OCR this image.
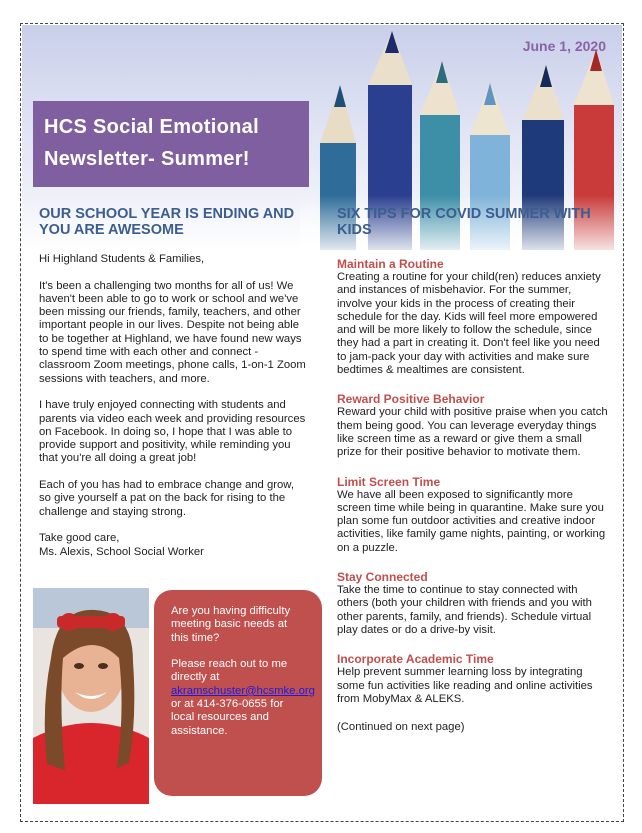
June 1, 2020
HCS Social Emotional
Newsletter- Summer!
OUR SCHOOL YEAR IS ENDING AND YOU ARE AWESOME
SIX TIPS FOR COVID SUMMER WITH KIDS

Hi Highland Students & Families,

It's been a challenging two months for all of us! We haven't been able to go to work or school and we've been missing our friends, family, teachers, and other important people in our lives. Despite not being able to be together at Highland, we have found new ways to spend time with each other and connect - classroom Zoom meetings, phone calls, 1-on-1 Zoom sessions with teachers, and more.

I have truly enjoyed connecting with students and parents via video each week and providing resources on Facebook. In doing so, I hope that I was able to provide support and positivity, while reminding you that you're all doing a great job!

Each of you has had to embrace change and grow, so give yourself a pat on the back for rising to the challenge and staying strong.

Take good care,
Ms. Alexis, School Social Worker

Are you having difficulty meeting basic needs at this time?

Please reach out to me directly at akramschuster@hcsmke.org or at 414-376-0655 for local resources and assistance.

Maintain a Routine
Creating a routine for your child(ren) reduces anxiety and instances of misbehavior. For the summer, involve your kids in the process of creating their schedule for the day. Kids will feel more empowered and will be more likely to follow the schedule, since they had a part in creating it. Don't feel like you need to jam-pack your day with activities and make sure bedtimes & mealtimes are consistent.
Reward Positive Behavior
Reward your child with positive praise when you catch them being good. You can leverage everyday things like screen time as a reward or give them a small prize for their positive behavior to motivate them.
Limit Screen Time
We have all been exposed to significantly more screen time while being in quarantine. Make sure you plan some fun outdoor activities and creative indoor activities, like family game nights, painting, or working on a puzzle.
Stay Connected
Take the time to continue to stay connected with others (both your children with friends and you with other parents, family, and friends). Schedule virtual play dates or do a drive-by visit.
Incorporate Academic Time
Help prevent summer learning loss by integrating some fun activities like reading and online activities from MobyMax & ALEKS.
(Continued on next page)
